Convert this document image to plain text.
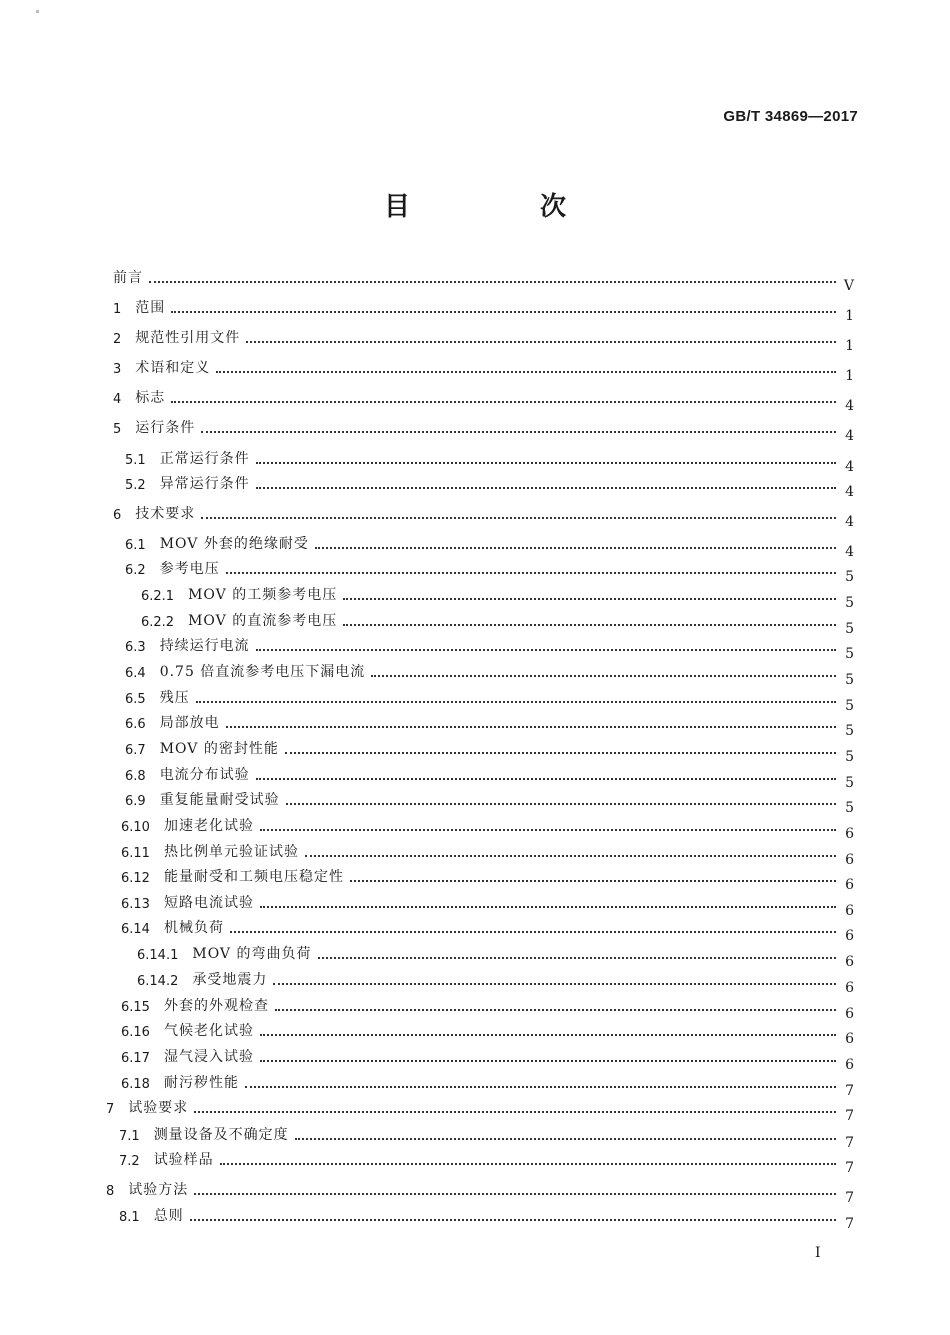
GB/T 34869—2017
目　次
前言	V
1 范围	1
2 规范性引用文件	1
3 术语和定义	1
4 标志	4
5 运行条件	4
5.1 正常运行条件	4
5.2 异常运行条件	4
6 技术要求	4
6.1 MOV 外套的绝缘耐受	4
6.2 参考电压	5
6.2.1 MOV 的工频参考电压	5
6.2.2 MOV 的直流参考电压	5
6.3 持续运行电流	5
6.4 0.75 倍直流参考电压下漏电流	5
6.5 残压	5
6.6 局部放电	5
6.7 MOV 的密封性能	5
6.8 电流分布试验	5
6.9 重复能量耐受试验	5
6.10 加速老化试验	6
6.11 热比例单元验证试验	6
6.12 能量耐受和工频电压稳定性	6
6.13 短路电流试验	6
6.14 机械负荷	6
6.14.1 MOV 的弯曲负荷	6
6.14.2 承受地震力	6
6.15 外套的外观检查	6
6.16 气候老化试验	6
6.17 湿气浸入试验	6
6.18 耐污秽性能	7
7 试验要求	7
7.1 测量设备及不确定度	7
7.2 试验样品	7
8 试验方法	7
8.1 总则	7
I
